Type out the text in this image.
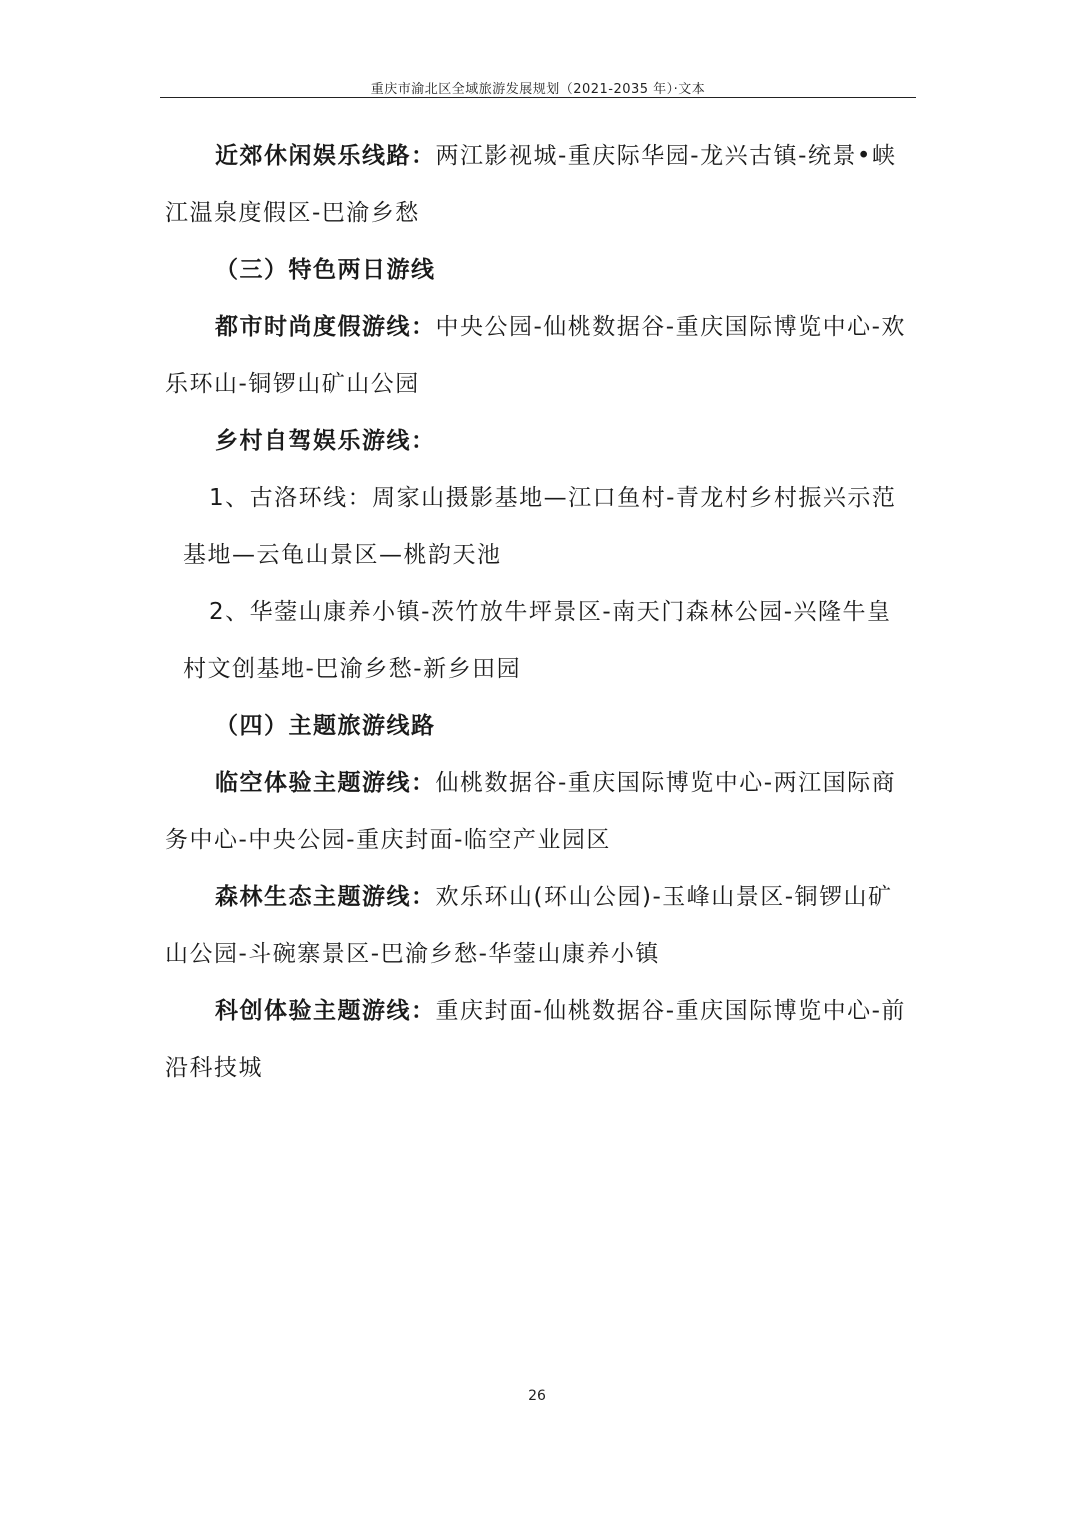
重庆市渝北区全域旅游发展规划（2021-2035 年）·文本

近郊休闲娱乐线路：两江影视城-重庆际华园-龙兴古镇-统景•峡江温泉度假区-巴渝乡愁

（三）特色两日游线

都市时尚度假游线：中央公园-仙桃数据谷-重庆国际博览中心-欢乐环山-铜锣山矿山公园

乡村自驾娱乐游线：

1、古洛环线：周家山摄影基地—江口鱼村-青龙村乡村振兴示范基地—云龟山景区—桃韵天池

2、华蓥山康养小镇-茨竹放牛坪景区-南天门森林公园-兴隆牛皇村文创基地-巴渝乡愁-新乡田园

（四）主题旅游线路

临空体验主题游线：仙桃数据谷-重庆国际博览中心-两江国际商务中心-中央公园-重庆封面-临空产业园区

森林生态主题游线：欢乐环山(环山公园)-玉峰山景区-铜锣山矿山公园-斗碗寨景区-巴渝乡愁-华蓥山康养小镇

科创体验主题游线：重庆封面-仙桃数据谷-重庆国际博览中心-前沿科技城

26
